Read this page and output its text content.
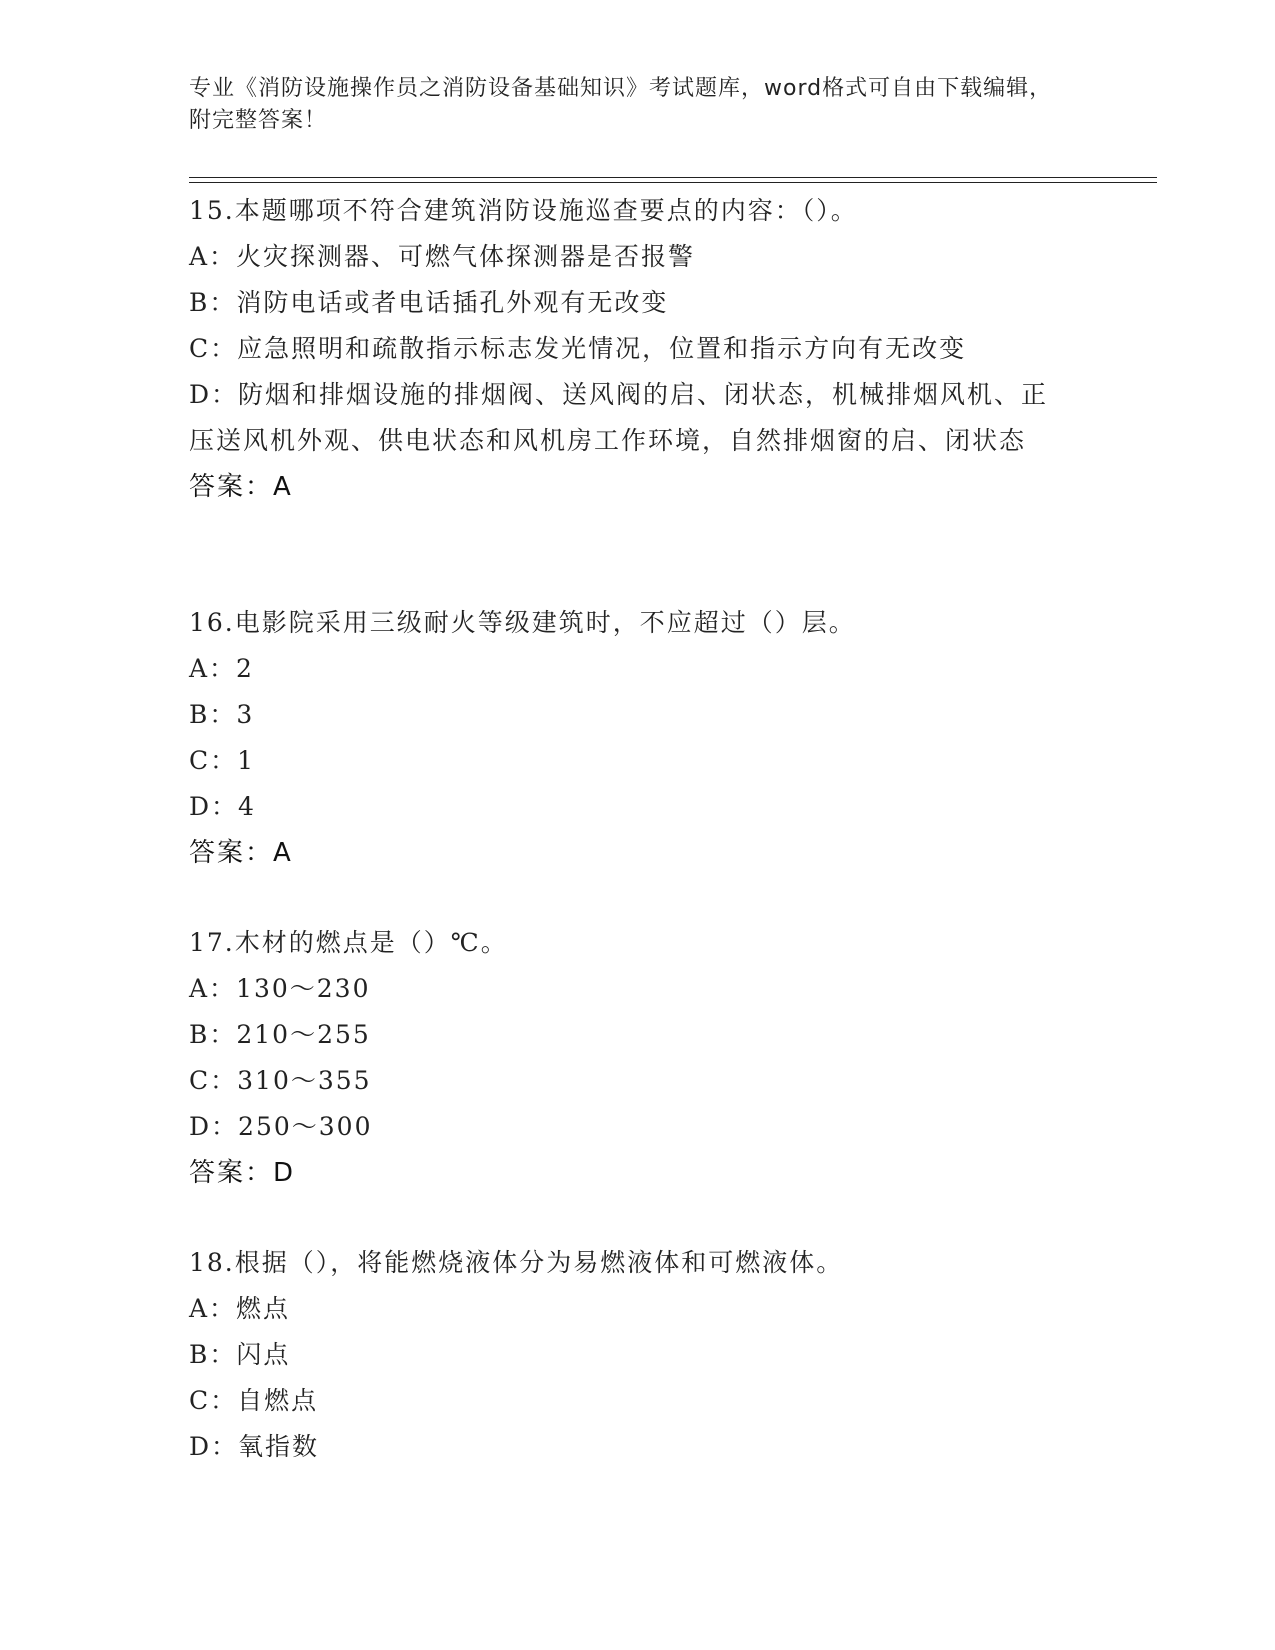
专业《消防设施操作员之消防设备基础知识》考试题库，word格式可自由下载编辑，附完整答案！
15.本题哪项不符合建筑消防设施巡查要点的内容：（）。
A：火灾探测器、可燃气体探测器是否报警
B：消防电话或者电话插孔外观有无改变
C：应急照明和疏散指示标志发光情况，位置和指示方向有无改变
D：防烟和排烟设施的排烟阀、送风阀的启、闭状态，机械排烟风机、正压送风机外观、供电状态和风机房工作环境，自然排烟窗的启、闭状态
答案：A
16.电影院采用三级耐火等级建筑时，不应超过（）层。
A：2
B：3
C：1
D：4
答案：A
17.木材的燃点是（）℃。
A：130～230
B：210～255
C：310～355
D：250～300
答案：D
18.根据（），将能燃烧液体分为易燃液体和可燃液体。
A：燃点
B：闪点
C：自燃点
D：氧指数
